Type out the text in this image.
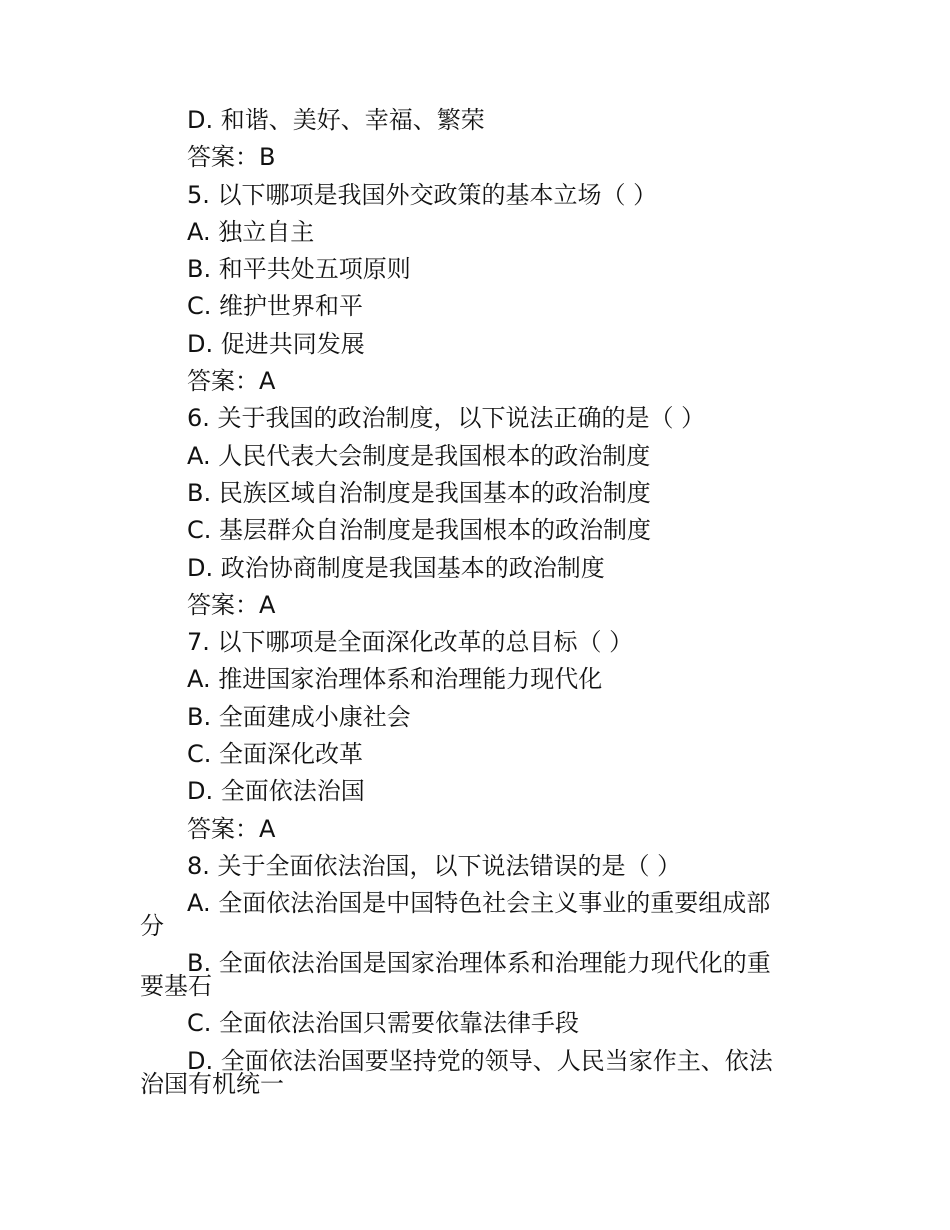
D. 和谐、美好、幸福、繁荣
答案：B
5. 以下哪项是我国外交政策的基本立场（ ）
A. 独立自主
B. 和平共处五项原则
C. 维护世界和平
D. 促进共同发展
答案：A
6. 关于我国的政治制度，以下说法正确的是（ ）
A. 人民代表大会制度是我国根本的政治制度
B. 民族区域自治制度是我国基本的政治制度
C. 基层群众自治制度是我国根本的政治制度
D. 政治协商制度是我国基本的政治制度
答案：A
7. 以下哪项是全面深化改革的总目标（ ）
A. 推进国家治理体系和治理能力现代化
B. 全面建成小康社会
C. 全面深化改革
D. 全面依法治国
答案：A
8. 关于全面依法治国，以下说法错误的是（ ）
A. 全面依法治国是中国特色社会主义事业的重要组成部分
B. 全面依法治国是国家治理体系和治理能力现代化的重要基石
C. 全面依法治国只需要依靠法律手段
D. 全面依法治国要坚持党的领导、人民当家作主、依法治国有机统一
